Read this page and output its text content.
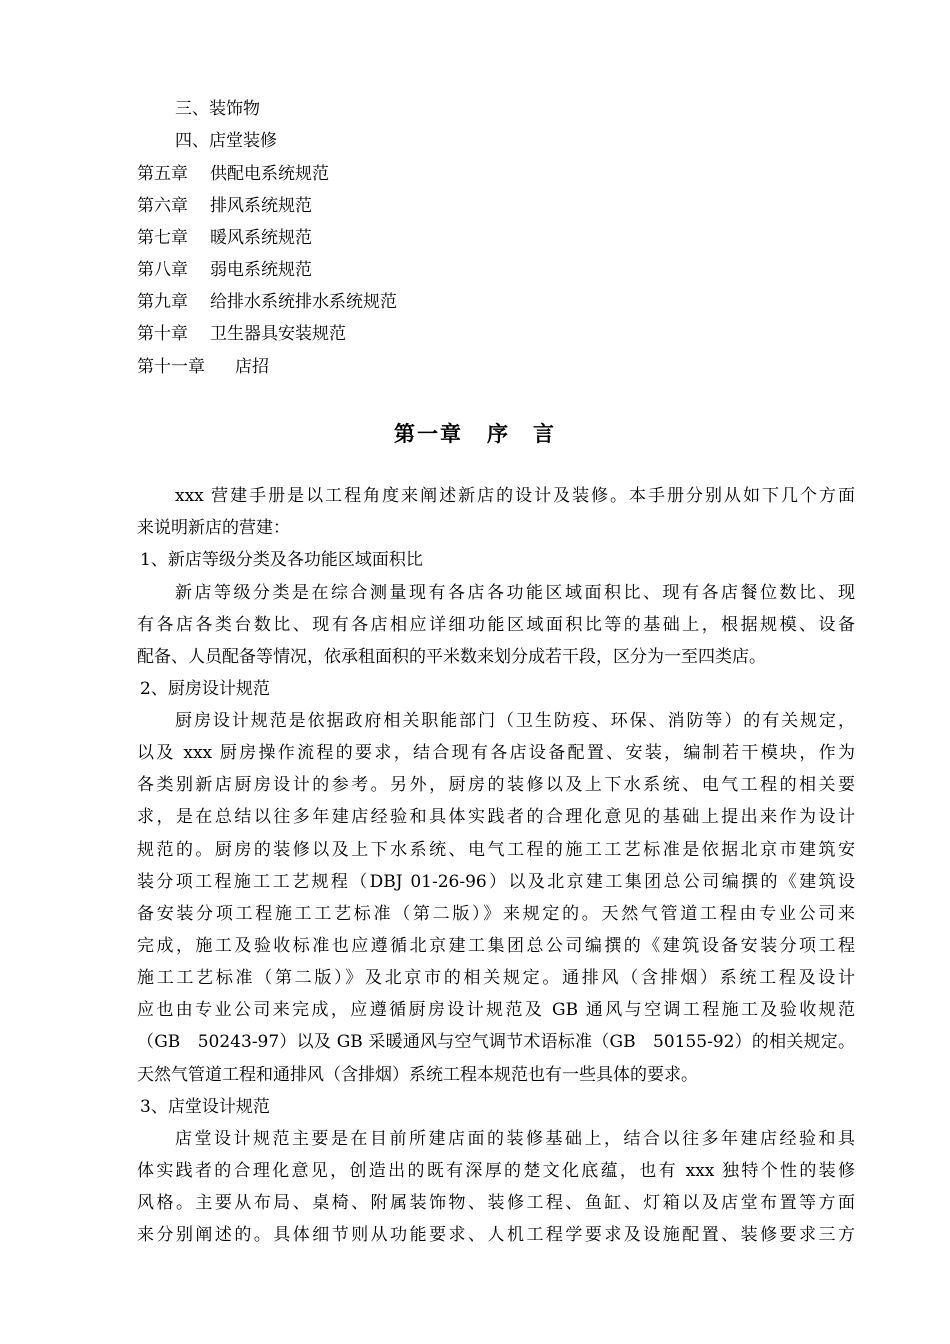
三、装饰物
四、店堂装修
第五章 供配电系统规范
第六章 排风系统规范
第七章 暖风系统规范
第八章 弱电系统规范
第九章 给排水系统排水系统规范
第十章 卫生器具安装规范
第十一章 店招
第一章 序　言
xxx 营建手册是以工程角度来阐述新店的设计及装修。本手册分别从如下几个方面
来说明新店的营建：
1、新店等级分类及各功能区域面积比
新店等级分类是在综合测量现有各店各功能区域面积比、现有各店餐位数比、现
有各店各类台数比、现有各店相应详细功能区域面积比等的基础上，根据规模、设备
配备、人员配备等情况，依承租面积的平米数来划分成若干段，区分为一至四类店。
2、厨房设计规范
厨房设计规范是依据政府相关职能部门（卫生防疫、环保、消防等）的有关规定，
以及 xxx 厨房操作流程的要求，结合现有各店设备配置、安装，编制若干模块，作为
各类别新店厨房设计的参考。另外，厨房的装修以及上下水系统、电气工程的相关要
求，是在总结以往多年建店经验和具体实践者的合理化意见的基础上提出来作为设计
规范的。厨房的装修以及上下水系统、电气工程的施工工艺标准是依据北京市建筑安
装分项工程施工工艺规程（DBJ 01-26-96）以及北京建工集团总公司编撰的《建筑设
备安装分项工程施工工艺标准（第二版）》来规定的。天然气管道工程由专业公司来
完成，施工及验收标准也应遵循北京建工集团总公司编撰的《建筑设备安装分项工程
施工工艺标准（第二版）》及北京市的相关规定。通排风（含排烟）系统工程及设计
应也由专业公司来完成，应遵循厨房设计规范及 GB 通风与空调工程施工及验收规范
（GB　50243-97）以及 GB 采暖通风与空气调节术语标准（GB　50155-92）的相关规定。
天然气管道工程和通排风（含排烟）系统工程本规范也有一些具体的要求。
3、店堂设计规范
店堂设计规范主要是在目前所建店面的装修基础上，结合以往多年建店经验和具
体实践者的合理化意见，创造出的既有深厚的楚文化底蕴，也有 xxx 独特个性的装修
风格。主要从布局、桌椅、附属装饰物、装修工程、鱼缸、灯箱以及店堂布置等方面
来分别阐述的。具体细节则从功能要求、人机工程学要求及设施配置、装修要求三方
